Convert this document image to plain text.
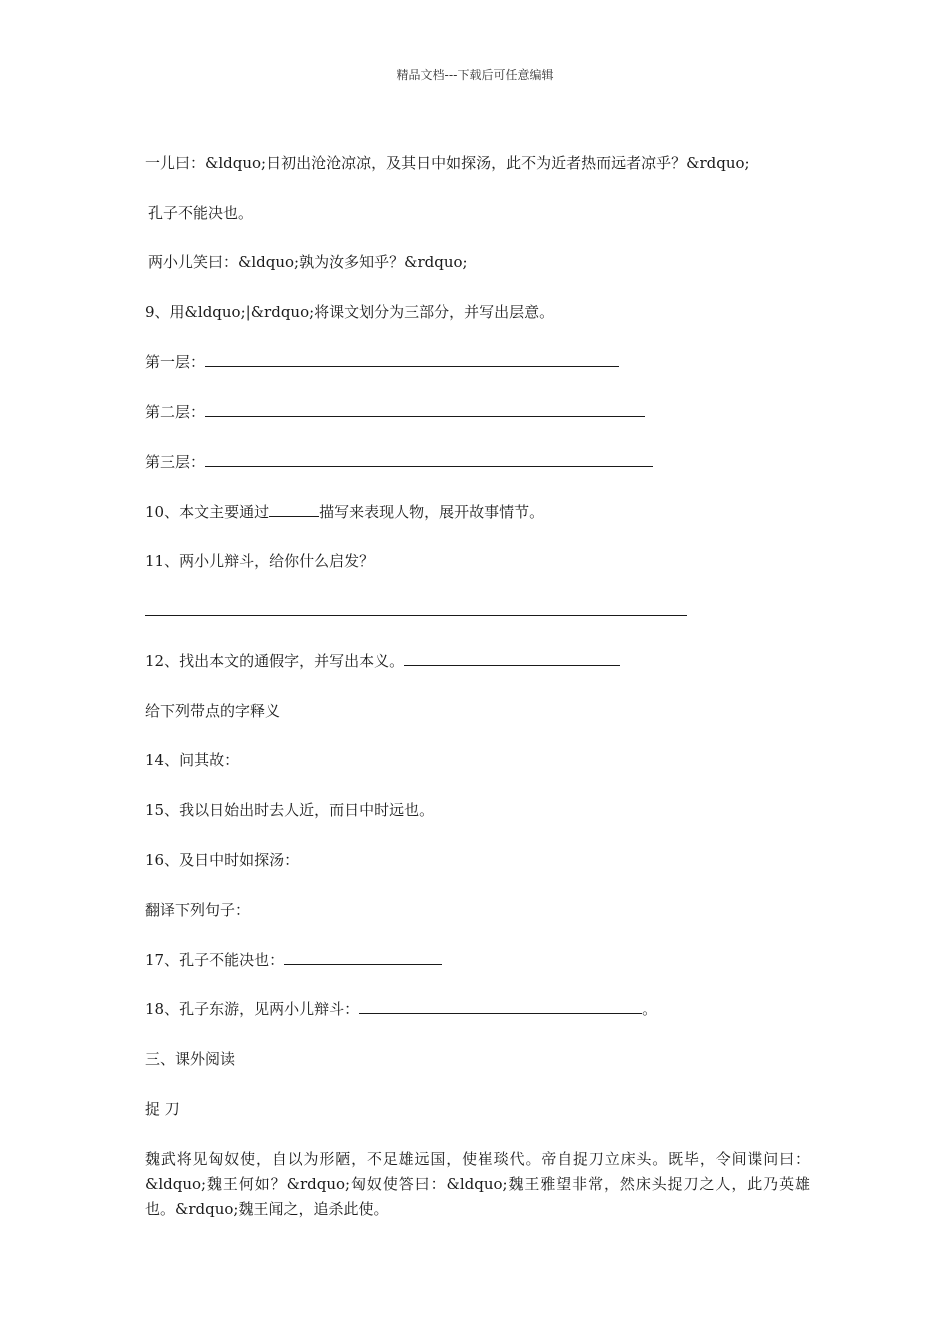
精品文档---下载后可任意编辑
一儿曰：&ldquo;日初出沧沧凉凉，及其日中如探汤，此不为近者热而远者凉乎？&rdquo;
孔子不能决也。
两小儿笑曰：&ldquo;孰为汝多知乎？&rdquo;
9、用&ldquo;|&rdquo;将课文划分为三部分，并写出层意。
第一层：
第二层：
第三层：
10、本文主要通过	描写来表现人物，展开故事情节。
11、两小儿辩斗，给你什么启发？
12、找出本文的通假字，并写出本义。
给下列带点的字释义
14、问其故：
15、我以日始出时去人近，而日中时远也。
16、及日中时如探汤：
翻译下列句子：
17、孔子不能决也：
18、孔子东游，见两小儿辩斗：	。
三、课外阅读
捉 刀
魏武将见匈奴使，自以为形陋，不足雄远国，使崔琰代。帝自捉刀立床头。既毕，令间谍问曰：&ldquo;魏王何如？&rdquo;匈奴使答曰：&ldquo;魏王雅望非常，然床头捉刀之人，此乃英雄也。&rdquo;魏王闻之，追杀此使。
